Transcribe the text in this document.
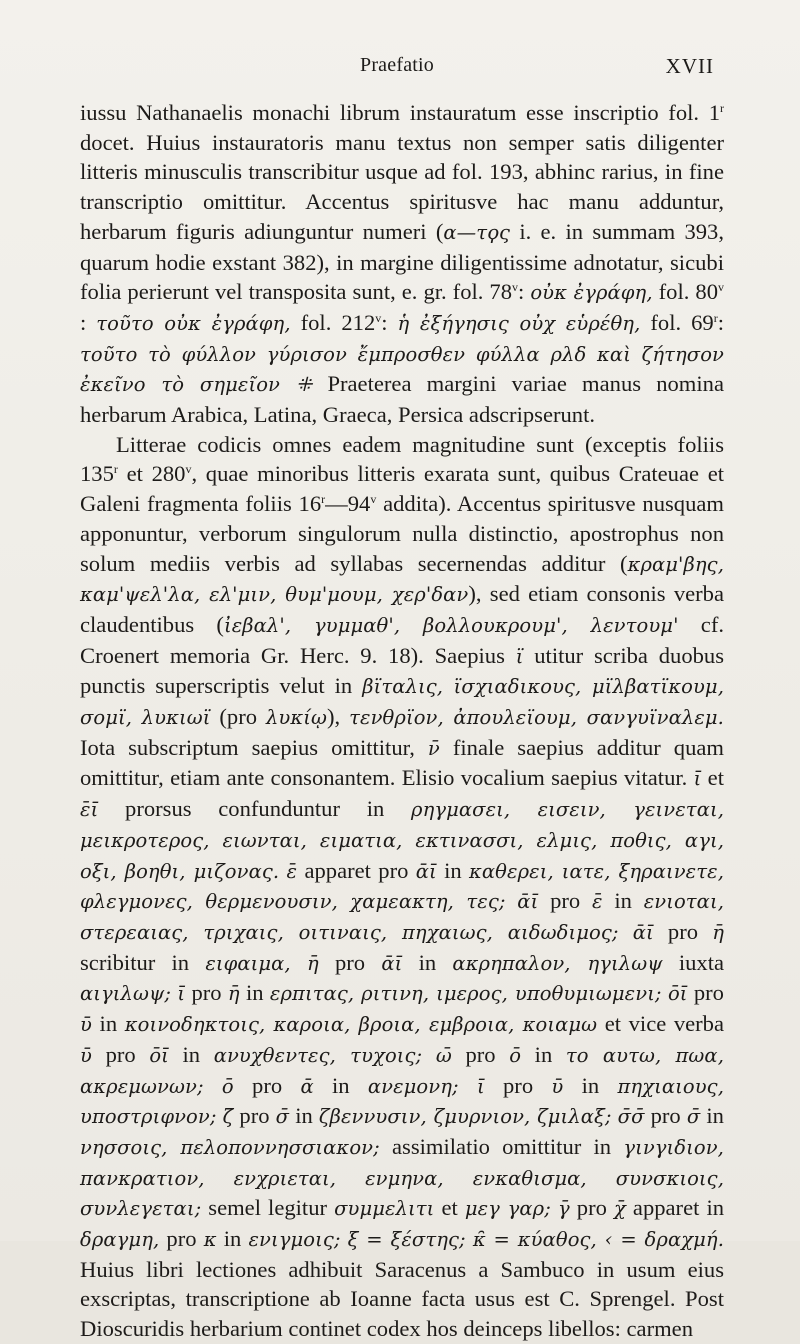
Praefatio	XVII

iussu Nathanaelis monachi librum instauratum esse inscriptio fol. 1$^r$ docet. Huius instauratoris manu textus non semper satis diligenter litteris minusculis transcribitur usque ad fol. 193, abhinc rarius, in fine transcriptio omittitur. Accentus spiritusve hac manu adduntur, herbarum figuris adiunguntur numeri (α—τϙς i. e. in summam 393, quarum hodie exstant 382), in margine diligentissime adnotatur, sicubi folia perierunt vel transposita sunt, e. gr. fol. 78$^v$: οὐκ ἐγράφη, fol. 80$^v$ : τοῦτο οὐκ ἐγράφη, fol. 212$^v$: ἡ ἐξήγησις οὐχ εὑρέθη, fol. 69$^r$: τοῦτο τὸ φύλλον γύρισον ἔμπροσθεν φύλλα ρλδ καὶ ζήτησον ἐκεῖνο τὸ σημεῖον ⁜ Praeterea margini variae manus nomina herbarum Arabica, Latina, Graeca, Persica adscripserunt.

Litterae codicis omnes eadem magnitudine sunt (exceptis foliis 135$^r$ et 280$^v$, quae minoribus litteris exarata sunt, quibus Crateuae et Galeni fragmenta foliis 16$^r$—94$^v$ addita). Accentus spiritusve nusquam apponuntur, verborum singulorum nulla distinctio, apostrophus non solum mediis verbis ad syllabas secernendas additur (κραμ'βης, καμ'ψελ'λα, ελ'μιν, θυμ'μουμ, χερ'δαν), sed etiam consonis verba claudentibus (ἰεβαλ', γυμμαθ', βολλουκρουμ', λεντουμ' cf. Croenert memoria Gr. Herc. 9. 18). Saepius ϊ utitur scriba duobus punctis superscriptis velut in βϊταλις, ϊσχιαδικους, μϊλβατϊκουμ, σομϊ, λυκιωϊ (pro λυκίῳ), τενθρϊον, ἀπουλεϊουμ, σανγυϊναλεμ. Iota subscriptum saepius omittitur, ν̄ finale saepius additur quam omittitur, etiam ante consonantem. Elisio vocalium saepius vitatur. ῑ et ε̄ῑ prorsus confunduntur in ρηγμασει, εισειν, γεινεται, μεικροτερος, ειωνται, ειματια, εκτινασσι, ελμις, ποθις, αγι, οξι, βοηθι, μιζονας. ε̄ apparet pro ᾱῑ in καθερει, ιατε, ξηραινετε, φλεγμονες, θερμενουσιν, χαμεακτη, τες; ᾱῑ pro ε̄ in ενιοται, στερεαιας, τριχαις, οιτιναις, πηχαιως, αιδωδιμος; ᾱῑ pro η̄ scribitur in ειφαιμα, η̄ pro ᾱῑ in ακρηπαλον, ηγιλωψ iuxta αιγιλωψ; ῑ pro η̄ in ερπιτας, ριτινη, ιμερος, υποθυμιωμενι; ο̄ῑ pro ῡ in κοινοδηκτοις, καροια, βροια, εμβροια, κοιαμω et vice verba ῡ pro ο̄ῑ in ανυχθεντες, τυχοις; ω̄ pro ο̄ in το αυτω, πωα, ακρεμωνων; ο̄ pro ᾱ in ανεμονη; ῑ pro ῡ in πηχιαιους, υποστριφνον; ζ̄ pro σ̄ in ζβεννυσιν, ζμυρνιον, ζμιλαξ; σ̄σ̄ pro σ̄ in νησσοις, πελοποννησσιακον; assimilatio omittitur in γινγιδιον, πανκρατιον, ενχριεται, ενμηνα, ενκαθισμα, συνσκιοις, συνλεγεται; semel legitur συμμελιτι et μεγ γαρ; γ̄ pro χ̄ apparet in δραγμη, pro κ in ενιγμοις; ξ = ξέστης; κ̑ = κύαθος, ‹ = δραχμή. Huius libri lectiones adhibuit Saracenus a Sambuco in usum eius exscriptas, transcriptione ab Ioanne facta usus est C. Sprengel. Post Dioscuridis herbarium continet codex hos deinceps libellos: carmen
